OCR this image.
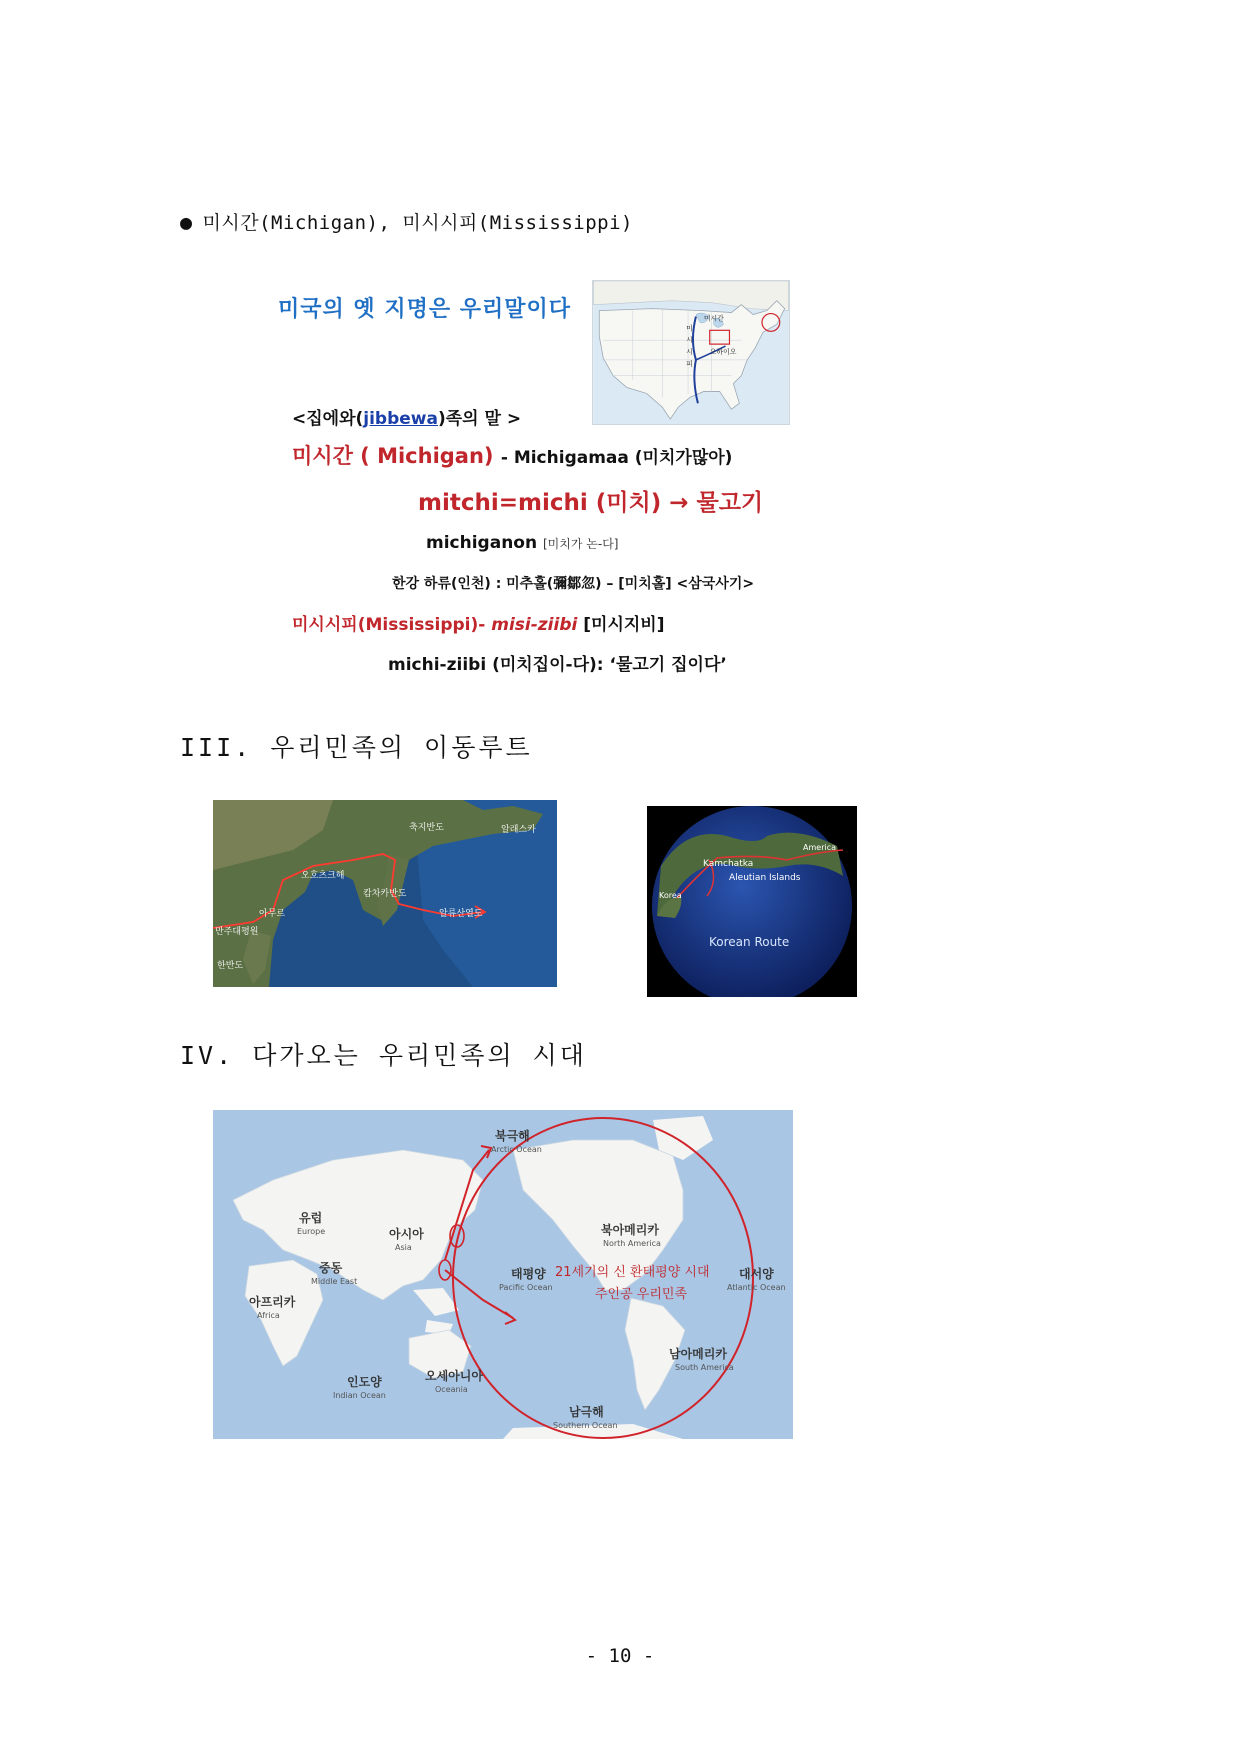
● 미시간(Michigan), 미시시피(Mississippi)
미국의 옛 지명은 우리말이다
미
시
시
피
미시간
오하이오
<집에와(jibbewa)족의 말 >
미시간 ( Michigan) - Michigamaa (미치가많아)
mitchi=michi (미치) → 물고기
michiganon [미치가 논-다]
한강 하류(인천) : 미추홀(彌鄒忽) – [미치홀] <삼국사기>
미시시피(Mississippi)- misi-ziibi [미시지비]
michi-ziibi (미치집이-다): ‘물고기 집이다’
III. 우리민족의 이동루트
축지반도	알래스카
오호츠크해
캄차카반도
아무르	알류산열도
만주대평원
한반도
Kamchatka
America
Aleutian Islands
Korea
Korean Route
IV. 다가오는 우리민족의 시대
북극해
Arctic Ocean
유럽
Europe	아시아
Asia
중동
Middle East
아프리카
Africa
북아메리카
North America
태평양
Pacific Ocean
대서양
Atlantic Ocean
21세기의 신 환태평양 시대
주인공 우리민족
남아메리카
South America
인도양
Indian Ocean
오세아니아
Oceania
남극해
Southern Ocean
- 10 -
